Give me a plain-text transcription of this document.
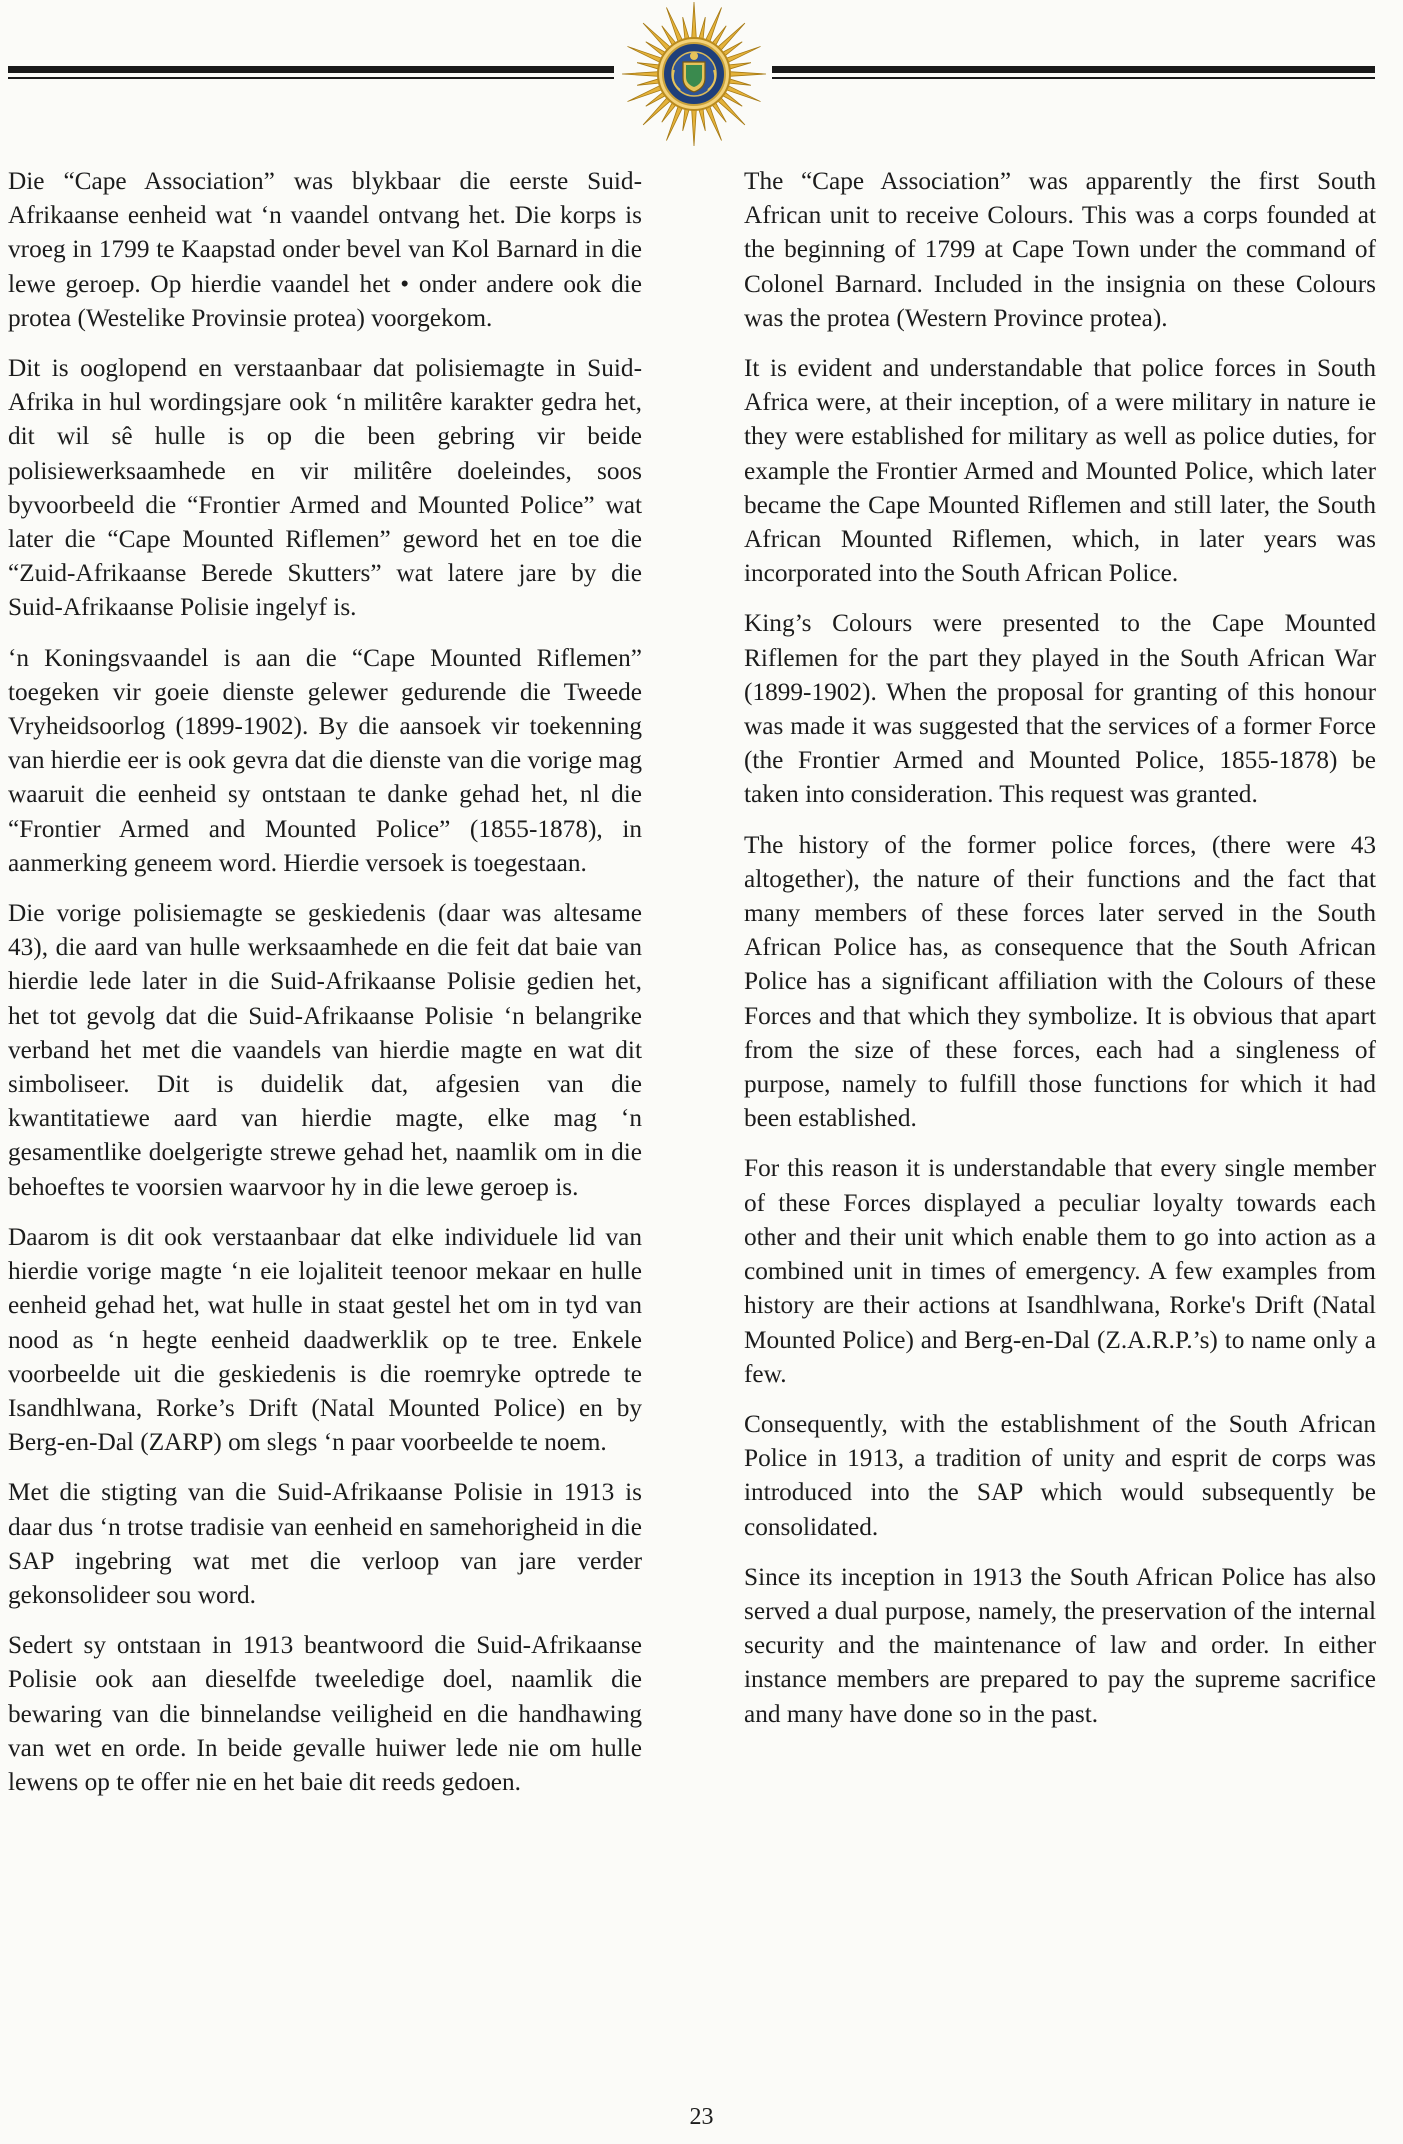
Die “Cape Association” was blykbaar die eerste Suid-Afrikaanse eenheid wat ‘n vaandel ontvang het. Die korps is vroeg in 1799 te Kaapstad onder bevel van Kol Barnard in die lewe geroep. Op hierdie vaandel het • onder andere ook die protea (Westelike Provinsie protea) voorgekom.

Dit is ooglopend en verstaanbaar dat polisiemagte in Suid-Afrika in hul wordingsjare ook ‘n militêre karakter gedra het, dit wil sê hulle is op die been gebring vir beide polisiewerksaamhede en vir militêre doeleindes, soos byvoorbeeld die “Frontier Armed and Mounted Police” wat later die “Cape Mounted Riflemen” geword het en toe die “Zuid-Afrikaanse Berede Skutters” wat latere jare by die Suid-Afrikaanse Polisie ingelyf is.

‘n Koningsvaandel is aan die “Cape Mounted Riflemen” toegeken vir goeie dienste gelewer gedurende die Tweede Vryheidsoorlog (1899-1902). By die aansoek vir toekenning van hierdie eer is ook gevra dat die dienste van die vorige mag waaruit die eenheid sy ontstaan te danke gehad het, nl die “Frontier Armed and Mounted Police” (1855-1878), in aanmerking geneem word. Hierdie versoek is toegestaan.

Die vorige polisiemagte se geskiedenis (daar was altesame 43), die aard van hulle werksaamhede en die feit dat baie van hierdie lede later in die Suid-Afrikaanse Polisie gedien het, het tot gevolg dat die Suid-Afrikaanse Polisie ‘n belangrike verband het met die vaandels van hierdie magte en wat dit simboliseer. Dit is duidelik dat, afgesien van die kwantitatiewe aard van hierdie magte, elke mag ‘n gesamentlike doelgerigte strewe gehad het, naamlik om in die behoeftes te voorsien waarvoor hy in die lewe geroep is.

Daarom is dit ook verstaanbaar dat elke individuele lid van hierdie vorige magte ‘n eie lojaliteit teenoor mekaar en hulle eenheid gehad het, wat hulle in staat gestel het om in tyd van nood as ‘n hegte eenheid daadwerklik op te tree. Enkele voorbeelde uit die geskiedenis is die roemryke optrede te Isandhlwana, Rorke’s Drift (Natal Mounted Police) en by Berg-en-Dal (ZARP) om slegs ‘n paar voorbeelde te noem.

Met die stigting van die Suid-Afrikaanse Polisie in 1913 is daar dus ‘n trotse tradisie van eenheid en samehorigheid in die SAP ingebring wat met die verloop van jare verder gekonsolideer sou word.

Sedert sy ontstaan in 1913 beantwoord die Suid-Afrikaanse Polisie ook aan dieselfde tweeledige doel, naamlik die bewaring van die binnelandse veiligheid en die handhawing van wet en orde. In beide gevalle huiwer lede nie om hulle lewens op te offer nie en het baie dit reeds gedoen.

The “Cape Association” was apparently the first South African unit to receive Colours. This was a corps founded at the beginning of 1799 at Cape Town under the command of Colonel Barnard. Included in the insignia on these Colours was the protea (Western Province protea).

It is evident and understandable that police forces in South Africa were, at their inception, of a were military in nature ie they were established for military as well as police duties, for example the Frontier Armed and Mounted Police, which later became the Cape Mounted Riflemen and still later, the South African Mounted Riflemen, which, in later years was incorporated into the South African Police.

King’s Colours were presented to the Cape Mounted Riflemen for the part they played in the South African War (1899-1902). When the proposal for granting of this honour was made it was suggested that the services of a former Force (the Frontier Armed and Mounted Police, 1855-1878) be taken into consideration. This request was granted.

The history of the former police forces, (there were 43 altogether), the nature of their functions and the fact that many members of these forces later served in the South African Police has, as consequence that the South African Police has a significant affiliation with the Colours of these Forces and that which they symbolize. It is obvious that apart from the size of these forces, each had a singleness of purpose, namely to fulfill those functions for which it had been established.

For this reason it is understandable that every single member of these Forces displayed a peculiar loyalty towards each other and their unit which enable them to go into action as a combined unit in times of emergency. A few examples from history are their actions at Isandhlwana, Rorke's Drift (Natal Mounted Police) and Berg-en-Dal (Z.A.R.P.’s) to name only a few.

Consequently, with the establishment of the South African Police in 1913, a tradition of unity and esprit de corps was introduced into the SAP which would subsequently be consolidated.

Since its inception in 1913 the South African Police has also served a dual purpose, namely, the preservation of the internal security and the maintenance of law and order. In either instance members are prepared to pay the supreme sacrifice and many have done so in the past.

23
